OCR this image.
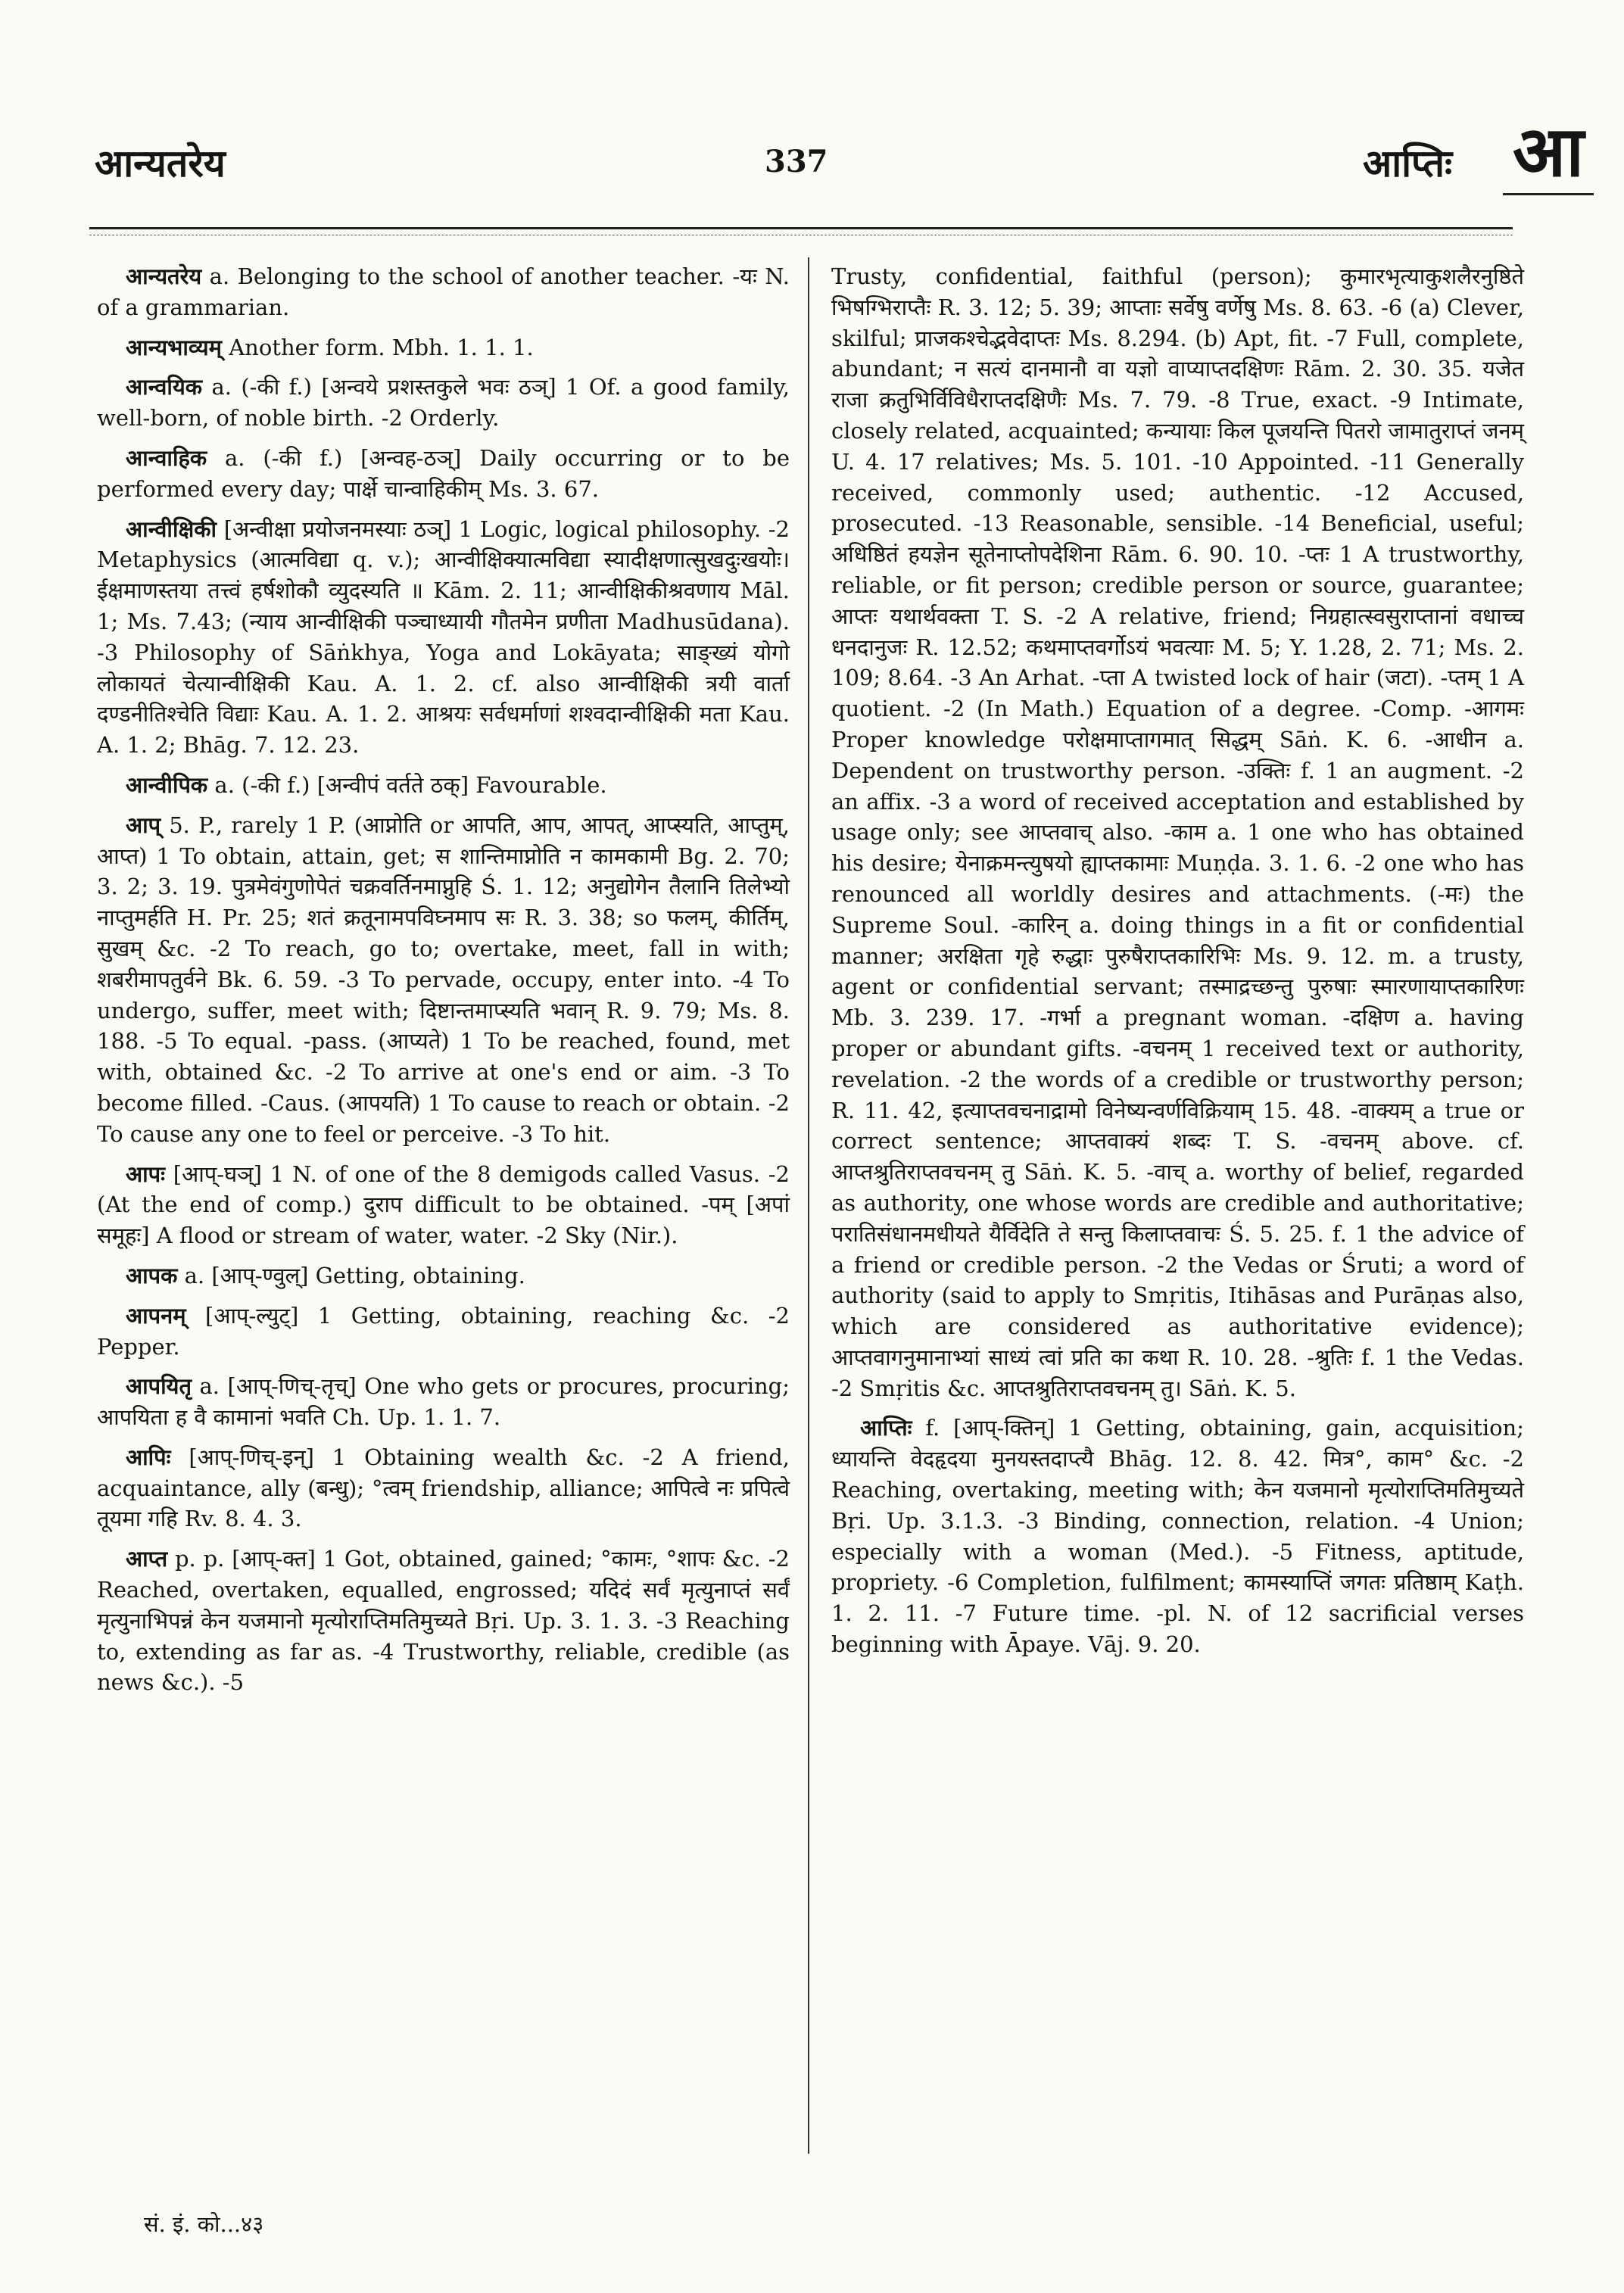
आन्यतरेय	337	आप्तिः आ

आन्यतरेय a. Belonging to the school of another teacher. -यः N. of a grammarian.

आन्यभाव्यम् Another form. Mbh. 1. 1. 1.

आन्वयिक a. (-की f.) [अन्वये प्रशस्तकुले भवः ठञ्] 1 Of. a good family, well-born, of noble birth. -2 Orderly.

आन्वाहिक a. (-की f.) [अन्वह-ठञ्] Daily occurring or to be performed every day; पार्क्षे चान्वाहिकीम् Ms. 3. 67.

आन्वीक्षिकी [अन्वीक्षा प्रयोजनमस्याः ठञ्] 1 Logic, logical philosophy. -2 Metaphysics (आत्मविद्या q. v.); आन्वीक्षिक्यात्मविद्या स्यादीक्षणात्सुखदुःखयोः। ईक्षमाणस्तया तत्त्वं हर्षशोकौ व्युदस्यति ॥ Kām. 2. 11; आन्वीक्षिकीश्रवणाय Māl. 1; Ms. 7.43; (न्याय आन्वीक्षिकी पञ्चाध्यायी गौतमेन प्रणीता Madhusūdana). -3 Philosophy of Sāṅkhya, Yoga and Lokāyata; साङ्ख्यं योगो लोकायतं चेत्यान्वीक्षिकी Kau. A. 1. 2. cf. also आन्वीक्षिकी त्रयी वार्ता दण्डनीतिश्चेति विद्याः Kau. A. 1. 2. आश्रयः सर्वधर्माणां शश्वदान्वीक्षिकी मता Kau. A. 1. 2; Bhāg. 7. 12. 23.

आन्वीपिक a. (-की f.) [अन्वीपं वर्तते ठक्] Favourable.

आप् 5. P., rarely 1 P. (आप्नोति or आपति, आप, आपत्, आप्स्यति, आप्तुम्, आप्त) 1 To obtain, attain, get; स शान्तिमाप्नोति न कामकामी Bg. 2. 70; 3. 2; 3. 19. पुत्रमेवंगुणोपेतं चक्रवर्तिनमाप्नुहि Ś. 1. 12; अनुद्योगेन तैलानि तिलेभ्यो नाप्तुमर्हति H. Pr. 25; शतं क्रतूनामपविघ्नमाप सः R. 3. 38; so फलम्, कीर्तिम्, सुखम् &c. -2 To reach, go to; overtake, meet, fall in with; शबरीमापतुर्वने Bk. 6. 59. -3 To pervade, occupy, enter into. -4 To undergo, suffer, meet with; दिष्टान्तमाप्स्यति भवान् R. 9. 79; Ms. 8. 188. -5 To equal. -pass. (आप्यते) 1 To be reached, found, met with, obtained &c. -2 To arrive at one's end or aim. -3 To become filled. -Caus. (आपयति) 1 To cause to reach or obtain. -2 To cause any one to feel or perceive. -3 To hit.

आपः [आप्-घञ्] 1 N. of one of the 8 demigods called Vasus. -2 (At the end of comp.) दुराप difficult to be obtained. -पम् [अपां समूहः] A flood or stream of water, water. -2 Sky (Nir.).

आपक a. [आप्-ण्वुल्] Getting, obtaining.

आपनम् [आप्-ल्युट्] 1 Getting, obtaining, reaching &c. -2 Pepper.

आपयितृ a. [आप्-णिच्-तृच्] One who gets or procures, procuring; आपयिता ह वै कामानां भवति Ch. Up. 1. 1. 7.

आपिः [आप्-णिच्-इन्] 1 Obtaining wealth &c. -2 A friend, acquaintance, ally (बन्धु); °त्वम् friendship, alliance; आपित्वे नः प्रपित्वे तूयमा गहि Rv. 8. 4. 3.

आप्त p. p. [आप्-क्त] 1 Got, obtained, gained; °कामः, °शापः &c. -2 Reached, overtaken, equalled, engrossed; यदिदं सर्वं मृत्युनाप्तं सर्वं मृत्युनाभिपन्नं केन यजमानो मृत्योराप्तिमतिमुच्यते Bṛi. Up. 3. 1. 3. -3 Reaching to, extending as far as. -4 Trustworthy, reliable, credible (as news &c.). -5

Trusty, confidential, faithful (person); कुमारभृत्याकुशलैरनुष्ठिते भिषग्भिराप्तैः R. 3. 12; 5. 39; आप्ताः सर्वेषु वर्णेषु Ms. 8. 63. -6 (a) Clever, skilful; प्राजकश्चेद्भवेदाप्तः Ms. 8.294. (b) Apt, fit. -7 Full, complete, abundant; न सत्यं दानमानौ वा यज्ञो वाप्याप्तदक्षिणः Rām. 2. 30. 35. यजेत राजा क्रतुभिर्विविधैराप्तदक्षिणैः Ms. 7. 79. -8 True, exact. -9 Intimate, closely related, acquainted; कन्यायाः किल पूजयन्ति पितरो जामातुराप्तं जनम् U. 4. 17 relatives; Ms. 5. 101. -10 Appointed. -11 Generally received, commonly used; authentic. -12 Accused, prosecuted. -13 Reasonable, sensible. -14 Beneficial, useful; अधिष्ठितं हयज्ञेन सूतेनाप्तोपदेशिना Rām. 6. 90. 10. -प्तः 1 A trustworthy, reliable, or fit person; credible person or source, guarantee; आप्तः यथार्थवक्ता T. S. -2 A relative, friend; निग्रहात्स्वसुराप्तानां वधाच्च धनदानुजः R. 12.52; कथमाप्तवर्गोऽयं भवत्याः M. 5; Y. 1.28, 2. 71; Ms. 2. 109; 8.64. -3 An Arhat. -प्ता A twisted lock of hair (जटा). -प्तम् 1 A quotient. -2 (In Math.) Equation of a degree. -Comp. -आगमः Proper knowledge परोक्षमाप्तागमात् सिद्धम् Sāṅ. K. 6. -आधीन a. Dependent on trustworthy person. -उक्तिः f. 1 an augment. -2 an affix. -3 a word of received acceptation and established by usage only; see आप्तवाच् also. -काम a. 1 one who has obtained his desire; येनाक्रमन्त्युषयो ह्याप्तकामाः Muṇḍa. 3. 1. 6. -2 one who has renounced all worldly desires and attachments. (-मः) the Supreme Soul. -कारिन् a. doing things in a fit or confidential manner; अरक्षिता गृहे रुद्धाः पुरुषैराप्तकारिभिः Ms. 9. 12. m. a trusty, agent or confidential servant; तस्माद्रच्छन्तु पुरुषाः स्मारणायाप्तकारिणः Mb. 3. 239. 17. -गर्भा a pregnant woman. -दक्षिण a. having proper or abundant gifts. -वचनम् 1 received text or authority, revelation. -2 the words of a credible or trustworthy person; R. 11. 42, इत्याप्तवचनाद्रामो विनेष्यन्वर्णविक्रियाम् 15. 48. -वाक्यम् a true or correct sentence; आप्तवाक्यं शब्दः T. S. -वचनम् above. cf. आप्तश्रुतिराप्तवचनम् तु Sāṅ. K. 5. -वाच् a. worthy of belief, regarded as authority, one whose words are credible and authoritative; परातिसंधानमधीयते यैर्विदेति ते सन्तु किलाप्तवाचः Ś. 5. 25. f. 1 the advice of a friend or credible person. -2 the Vedas or Śruti; a word of authority (said to apply to Smṛitis, Itihāsas and Purāṇas also, which are considered as authoritative evidence); आप्तवागनुमानाभ्यां साध्यं त्वां प्रति का कथा R. 10. 28. -श्रुतिः f. 1 the Vedas. -2 Smṛitis &c. आप्तश्रुतिराप्तवचनम् तु। Sāṅ. K. 5.

आप्तिः f. [आप्-क्तिन्] 1 Getting, obtaining, gain, acquisition; ध्यायन्ति वेदहृदया मुनयस्तदाप्त्यै Bhāg. 12. 8. 42. मित्र°, काम° &c. -2 Reaching, overtaking, meeting with; केन यजमानो मृत्योराप्तिमतिमुच्यते Bṛi. Up. 3.1.3. -3 Binding, connection, relation. -4 Union; especially with a woman (Med.). -5 Fitness, aptitude, propriety. -6 Completion, fulfilment; कामस्याप्तिं जगतः प्रतिष्ठाम् Kaṭh. 1. 2. 11. -7 Future time. -pl. N. of 12 sacrificial verses beginning with Āpaye. Vāj. 9. 20.

सं. इं. को...४३
